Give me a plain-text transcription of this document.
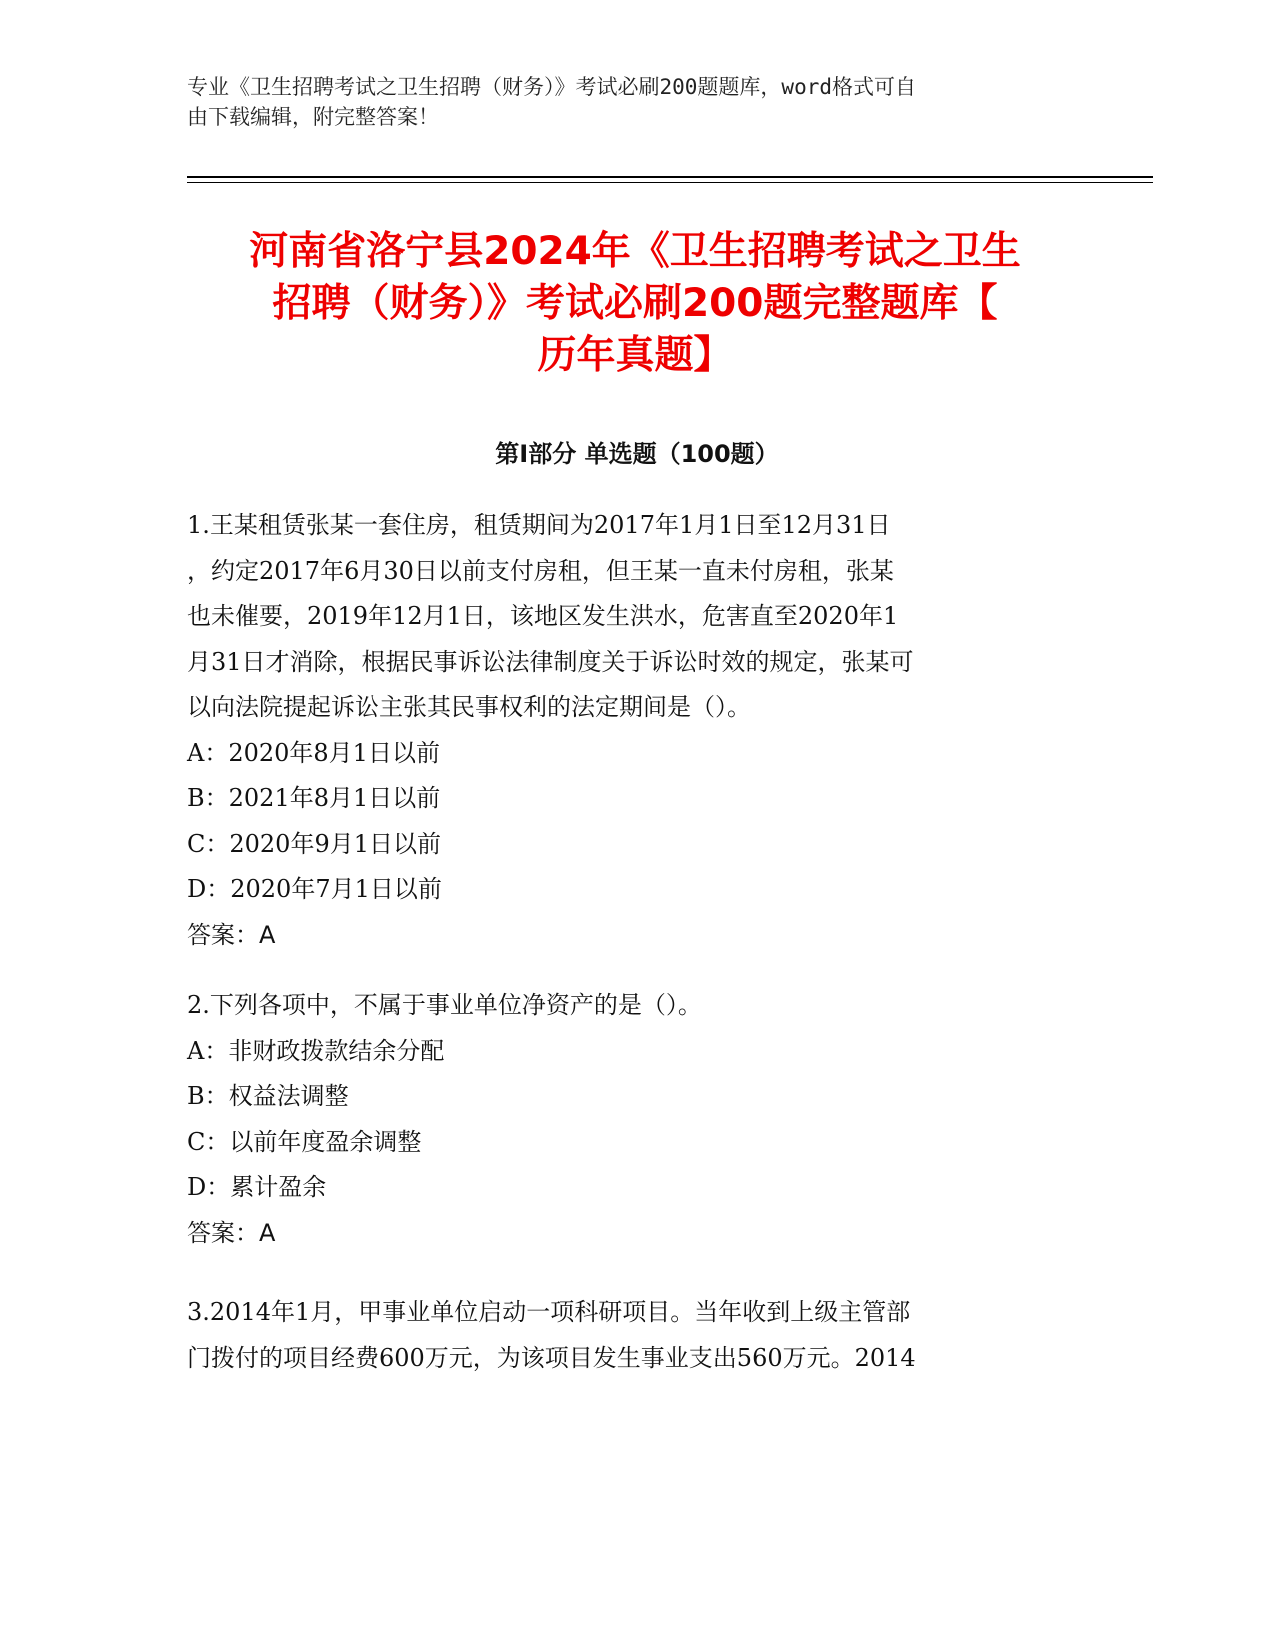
专业《卫生招聘考试之卫生招聘（财务）》考试必刷200题题库，word格式可自
由下载编辑，附完整答案！
河南省洛宁县2024年《卫生招聘考试之卫生
招聘（财务）》考试必刷200题完整题库【
历年真题】
第I部分 单选题（100题）
1.王某租赁张某一套住房，租赁期间为2017年1月1日至12月31日
，约定2017年6月30日以前支付房租，但王某一直未付房租，张某
也未催要，2019年12月1日，该地区发生洪水，危害直至2020年1
月31日才消除，根据民事诉讼法律制度关于诉讼时效的规定，张某可
以向法院提起诉讼主张其民事权利的法定期间是（）。
A：2020年8月1日以前
B：2021年8月1日以前
C：2020年9月1日以前
D：2020年7月1日以前
答案：A
2.下列各项中，不属于事业单位净资产的是（）。
A：非财政拨款结余分配
B：权益法调整
C：以前年度盈余调整
D：累计盈余
答案：A
3.2014年1月，甲事业单位启动一项科研项目。当年收到上级主管部
门拨付的项目经费600万元，为该项目发生事业支出560万元。2014
